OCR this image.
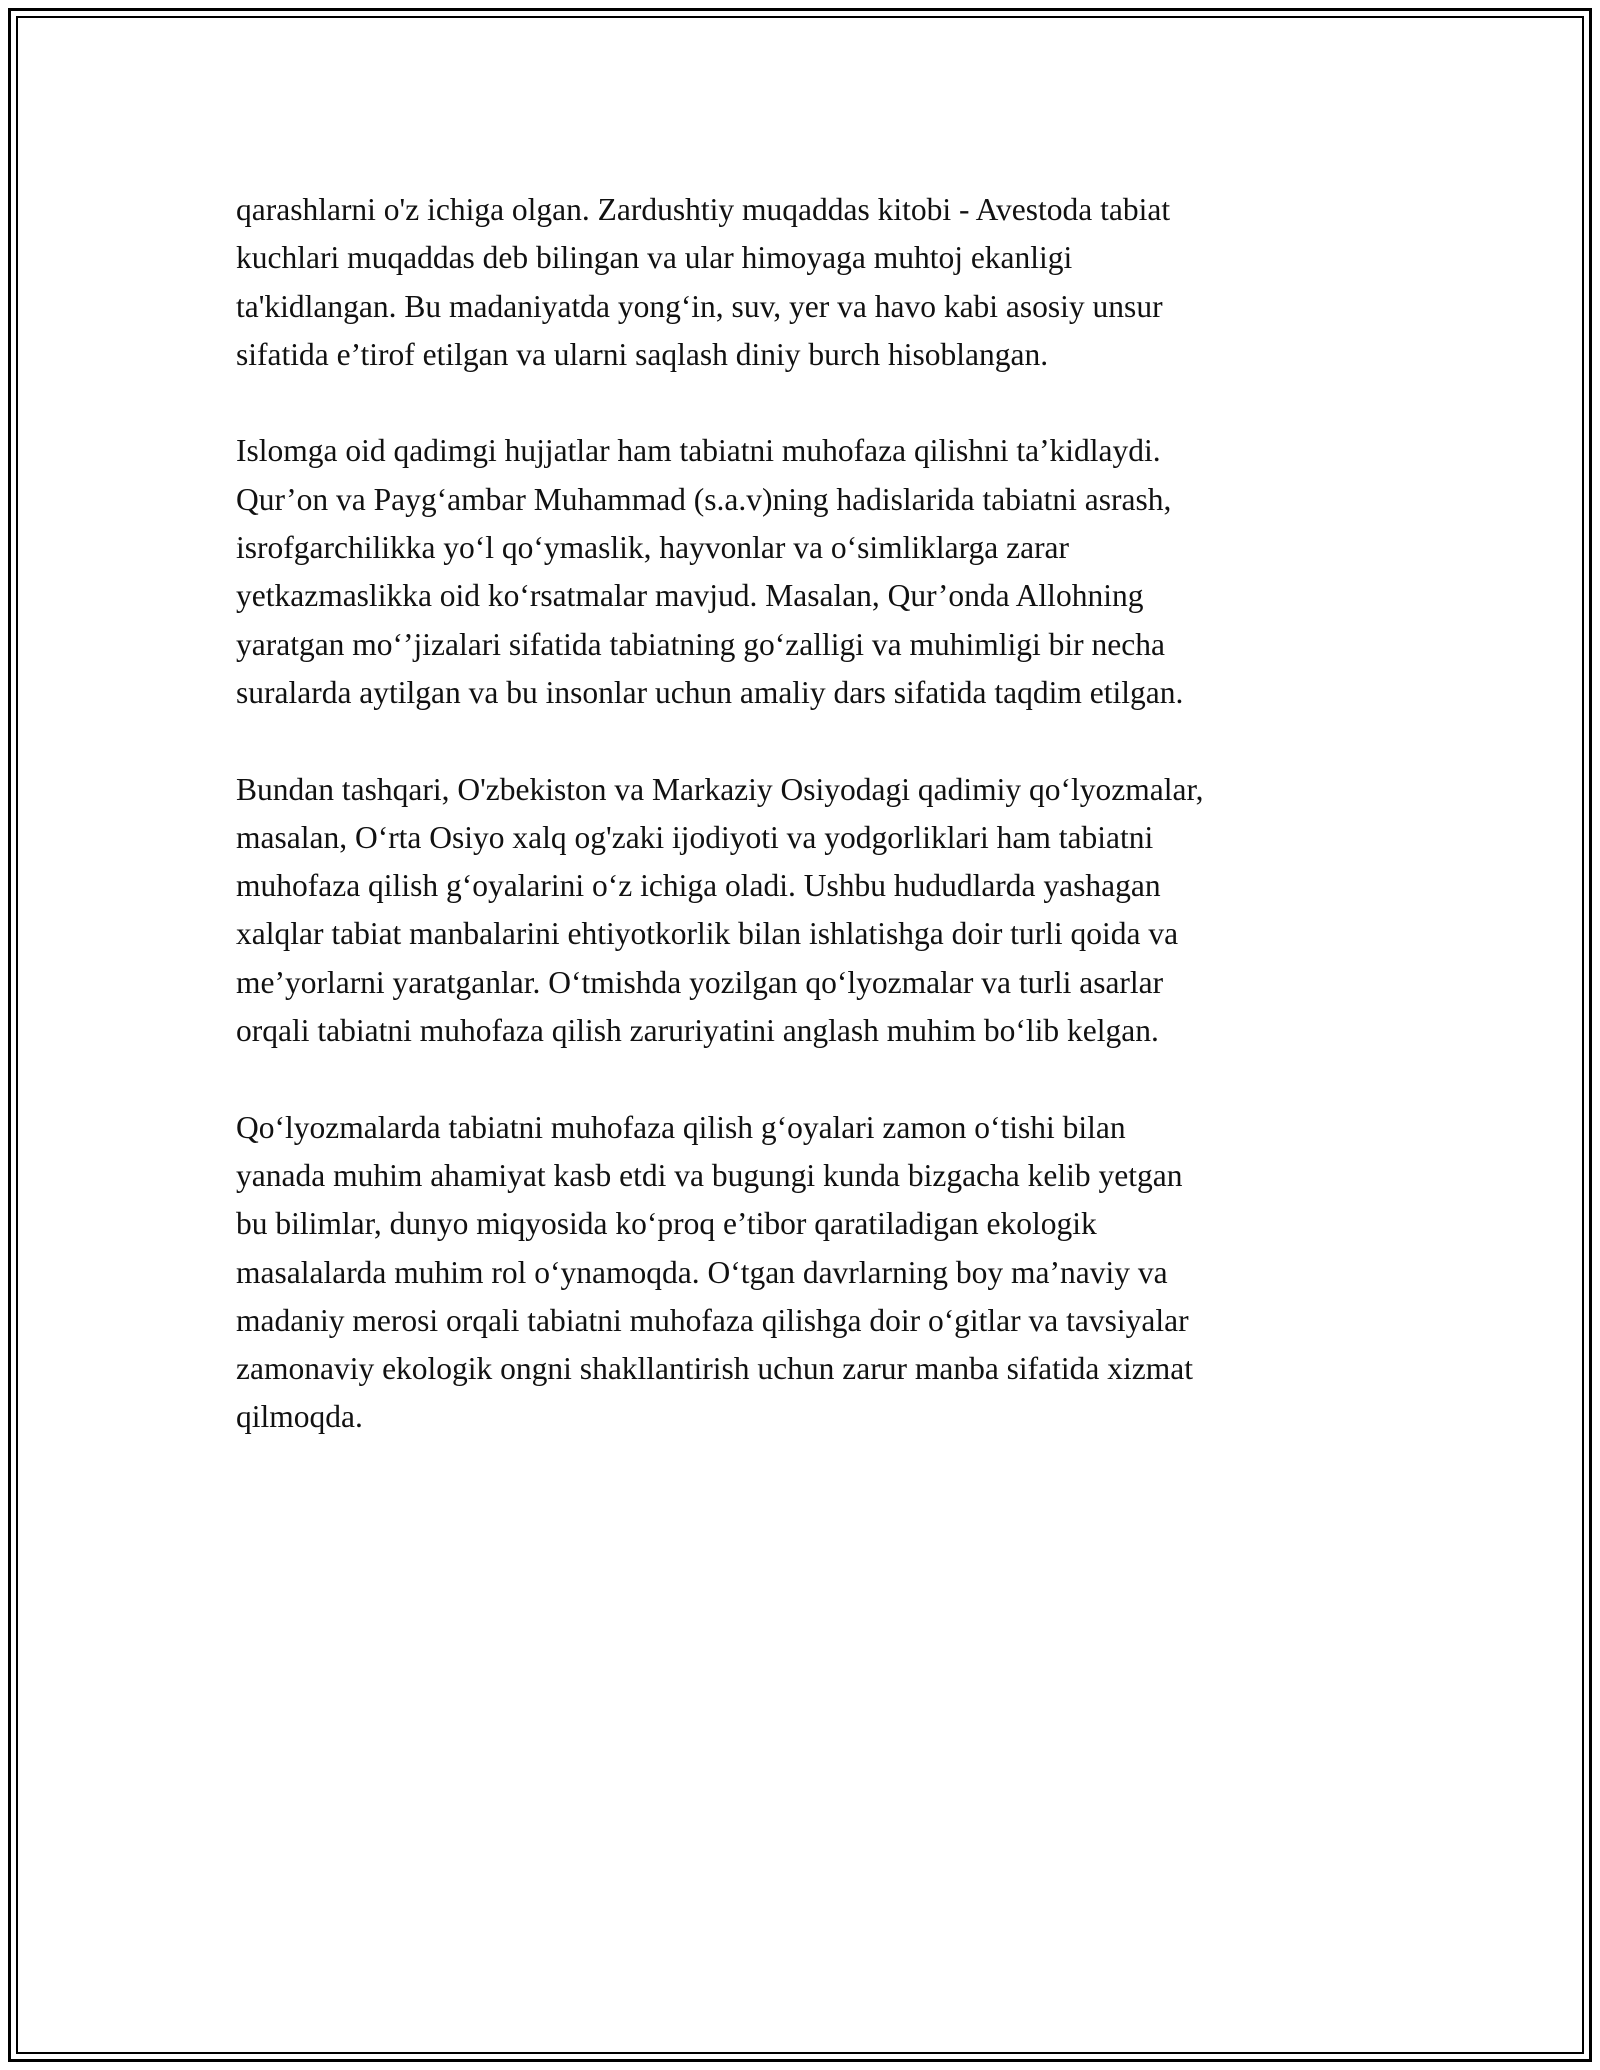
qarashlarni o'z ichiga olgan. Zardushtiy muqaddas kitobi - Avestoda tabiat
kuchlari muqaddas deb bilingan va ular himoyaga muhtoj ekanligi
ta'kidlangan. Bu madaniyatda yong‘in, suv, yer va havo kabi asosiy unsur
sifatida e’tirof etilgan va ularni saqlash diniy burch hisoblangan.

Islomga oid qadimgi hujjatlar ham tabiatni muhofaza qilishni ta’kidlaydi.
Qur’on va Payg‘ambar Muhammad (s.a.v)ning hadislarida tabiatni asrash,
isrofgarchilikka yo‘l qo‘ymaslik, hayvonlar va o‘simliklarga zarar
yetkazmaslikka oid ko‘rsatmalar mavjud. Masalan, Qur’onda Allohning
yaratgan mo‘’jizalari sifatida tabiatning go‘zalligi va muhimligi bir necha
suralarda aytilgan va bu insonlar uchun amaliy dars sifatida taqdim etilgan.

Bundan tashqari, O'zbekiston va Markaziy Osiyodagi qadimiy qo‘lyozmalar,
masalan, O‘rta Osiyo xalq og'zaki ijodiyoti va yodgorliklari ham tabiatni
muhofaza qilish g‘oyalarini o‘z ichiga oladi. Ushbu hududlarda yashagan
xalqlar tabiat manbalarini ehtiyotkorlik bilan ishlatishga doir turli qoida va
me’yorlarni yaratganlar. O‘tmishda yozilgan qo‘lyozmalar va turli asarlar
orqali tabiatni muhofaza qilish zaruriyatini anglash muhim bo‘lib kelgan.

Qo‘lyozmalarda tabiatni muhofaza qilish g‘oyalari zamon o‘tishi bilan
yanada muhim ahamiyat kasb etdi va bugungi kunda bizgacha kelib yetgan
bu bilimlar, dunyo miqyosida ko‘proq e’tibor qaratiladigan ekologik
masalalarda muhim rol o‘ynamoqda. O‘tgan davrlarning boy ma’naviy va
madaniy merosi orqali tabiatni muhofaza qilishga doir o‘gitlar va tavsiyalar
zamonaviy ekologik ongni shakllantirish uchun zarur manba sifatida xizmat
qilmoqda.
